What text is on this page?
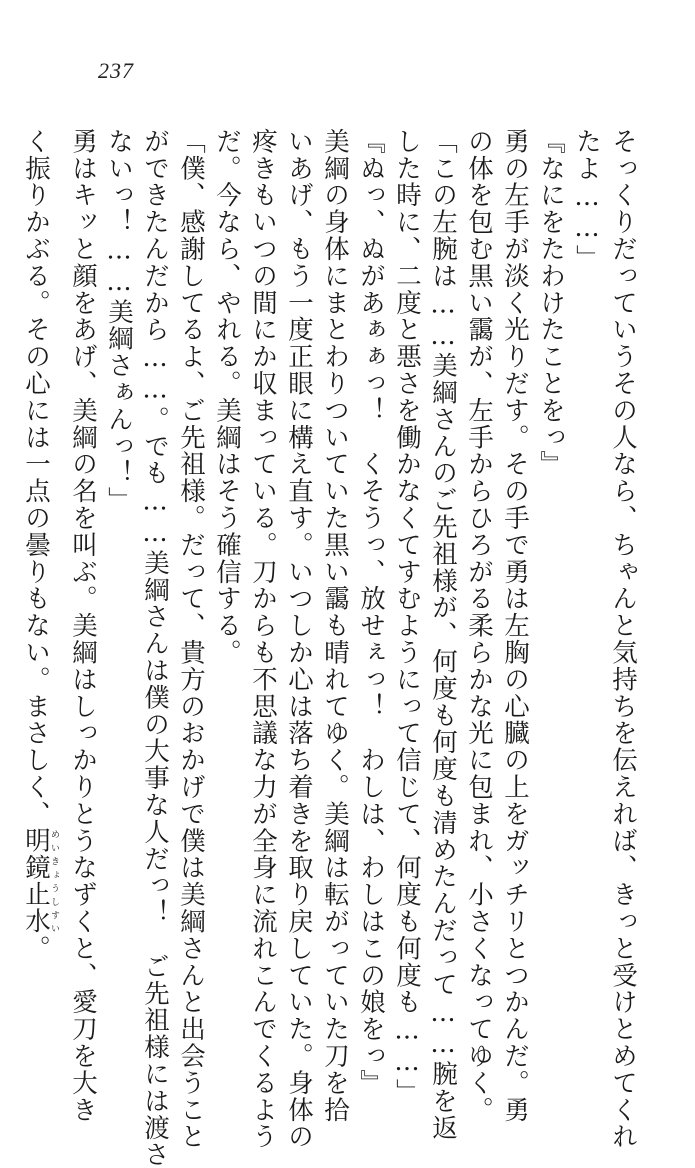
237
そっくりだっていうその人なら、ちゃんと気持ちを伝えれば、きっと受けとめてくれ
たよ……」
『なにをたわけたことをっ』
勇の左手が淡く光りだす。その手で勇は左胸の心臓の上をガッチリとつかんだ。勇
の体を包む黒い靄が、左手からひろがる柔らかな光に包まれ、小さくなってゆく。
「この左腕は……美綱さんのご先祖様が、何度も何度も清めたんだって……腕を返
した時に、二度と悪さを働かなくてすむようにって信じて、何度も何度も……」
『ぬっ、ぬがあぁぁっ！　くそうっ、放せぇっ！　わしは、わしはこの娘をっ』
美綱の身体にまとわりついていた黒い靄も晴れてゆく。美綱は転がっていた刀を拾
いあげ、もう一度正眼に構え直す。いつしか心は落ち着きを取り戻していた。身体の
疼きもいつの間にか収まっている。刀からも不思議な力が全身に流れこんでくるよう
だ。今なら、やれる。美綱はそう確信する。
「僕、感謝してるよ、ご先祖様。だって、貴方のおかげで僕は美綱さんと出会うこと
ができたんだから……。でも……美綱さんは僕の大事な人だっ！　ご先祖様には渡さ
ないっ！……美綱さぁんっ！」
勇はキッと顔をあげ、美綱の名を叫ぶ。美綱はしっかりとうなずくと、愛刀を大き
く振りかぶる。その心には一点の曇りもない。まさしく、明鏡止水めいきょうしすい。
